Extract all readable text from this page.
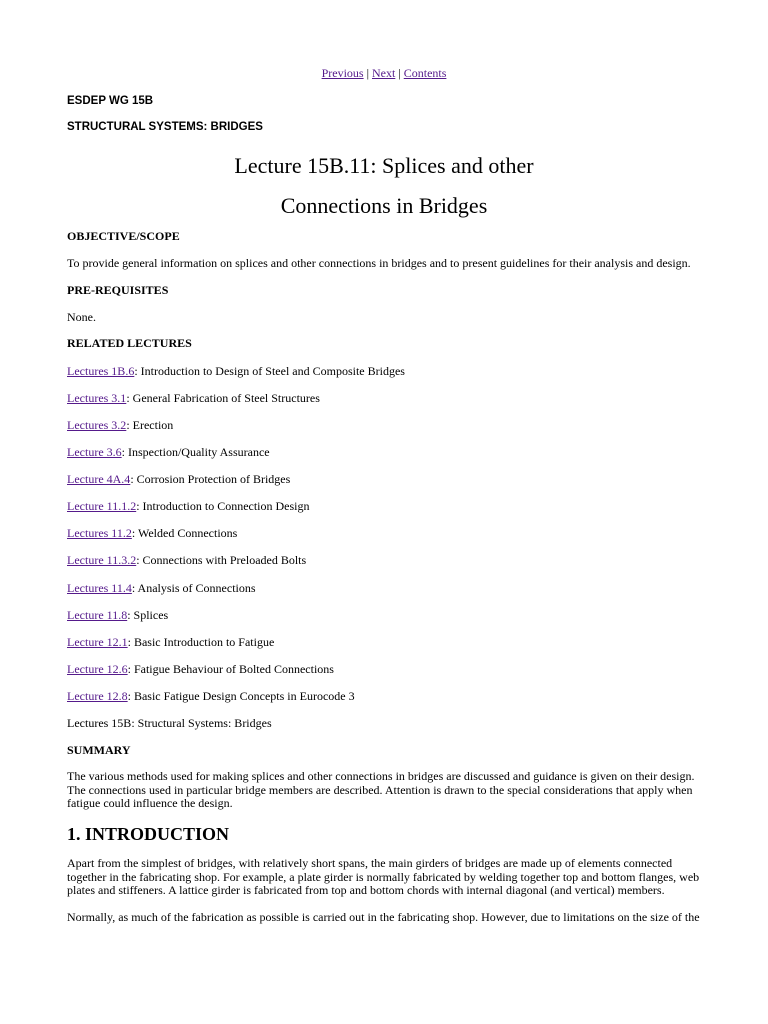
Previous | Next | Contents
Lecture 15B.11: Splices and other
Connections in Bridges
ESDEP WG 15B
STRUCTURAL SYSTEMS: BRIDGES
OBJECTIVE/SCOPE
To provide general information on splices and other connections in bridges and to present guidelines for their analysis and design.
PRE-REQUISITES
None.
RELATED LECTURES
Lectures 1B.6: Introduction to Design of Steel and Composite Bridges
Lectures 3.1: General Fabrication of Steel Structures
Lectures 3.2: Erection
Lecture 3.6: Inspection/Quality Assurance
Lecture 4A.4: Corrosion Protection of Bridges
Lecture 11.1.2: Introduction to Connection Design
Lectures 11.2: Welded Connections
Lecture 11.3.2: Connections with Preloaded Bolts
Lectures 11.4: Analysis of Connections
Lecture 11.8: Splices
Lecture 12.1: Basic Introduction to Fatigue
Lecture 12.6: Fatigue Behaviour of Bolted Connections
Lecture 12.8: Basic Fatigue Design Concepts in Eurocode 3
Lectures 15B: Structural Systems: Bridges
SUMMARY
The various methods used for making splices and other connections in bridges are discussed and guidance is given on their design. The connections used in particular bridge members are described. Attention is drawn to the special considerations that apply when fatigue could influence the design.
1. INTRODUCTION
Apart from the simplest of bridges, with relatively short spans, the main girders of bridges are made up of elements connected together in the fabricating shop. For example, a plate girder is normally fabricated by welding together top and bottom flanges, web plates and stiffeners. A lattice girder is fabricated from top and bottom chords with internal diagonal (and vertical) members.
Normally, as much of the fabrication as possible is carried out in the fabricating shop. However, due to limitations on the size of the
